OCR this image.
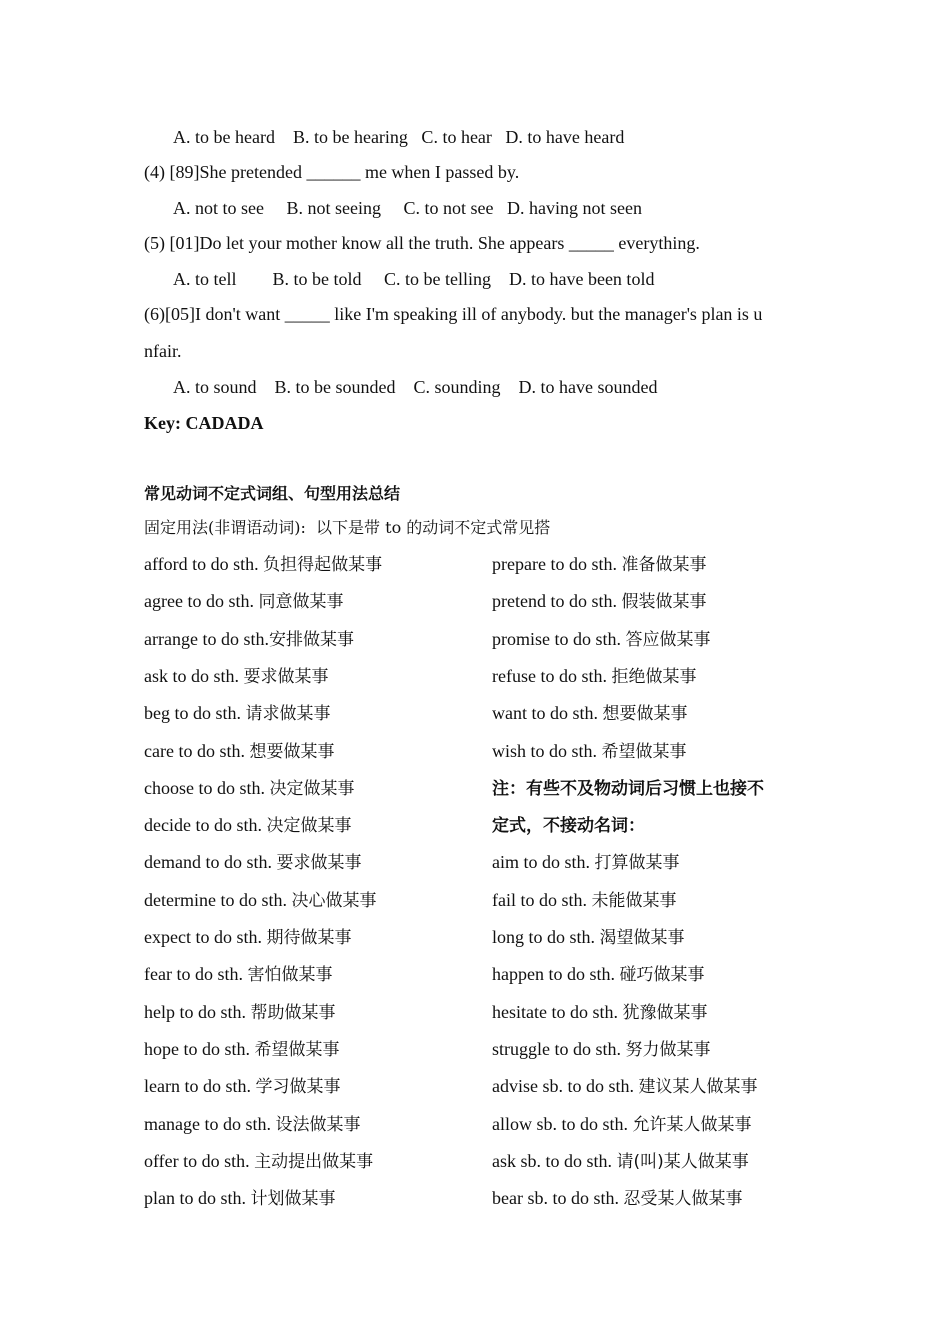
A. to be heard    B. to be hearing   C. to hear   D. to have heard
(4) [89]She pretended ______ me when I passed by.
A. not to see     B. not seeing     C. to not see   D. having not seen
(5) [01]Do let your mother know all the truth. She appears _____ everything.
A. to tell        B. to be told     C. to be telling    D. to have been told
(6)[05]I don't want _____ like I'm speaking ill of anybody. but the manager's plan is u
nfair.
A. to sound    B. to be sounded    C. sounding    D. to have sounded
Key: CADADA
常见动词不定式词组、句型用法总结
固定用法(非谓语动词):  以下是带 to 的动词不定式常见搭
afford to do sth. 负担得起做某事
agree to do sth. 同意做某事
arrange to do sth.安排做某事
ask to do sth. 要求做某事
beg to do sth. 请求做某事
care to do sth. 想要做某事
choose to do sth. 决定做某事
decide to do sth. 决定做某事
demand to do sth. 要求做某事
determine to do sth. 决心做某事
expect to do sth. 期待做某事
fear to do sth. 害怕做某事
help to do sth. 帮助做某事
hope to do sth. 希望做某事
learn to do sth. 学习做某事
manage to do sth. 设法做某事
offer to do sth. 主动提出做某事
plan to do sth. 计划做某事
prepare to do sth. 准备做某事
pretend to do sth. 假装做某事
promise to do sth. 答应做某事
refuse to do sth. 拒绝做某事
want to do sth. 想要做某事
wish to do sth. 希望做某事
注：有些不及物动词后习惯上也接不
定式，不接动名词：
aim to do sth. 打算做某事
fail to do sth. 未能做某事
long to do sth. 渴望做某事
happen to do sth. 碰巧做某事
hesitate to do sth. 犹豫做某事
struggle to do sth. 努力做某事
advise sb. to do sth. 建议某人做某事
allow sb. to do sth. 允许某人做某事
ask sb. to do sth. 请(叫)某人做某事
bear sb. to do sth. 忍受某人做某事
